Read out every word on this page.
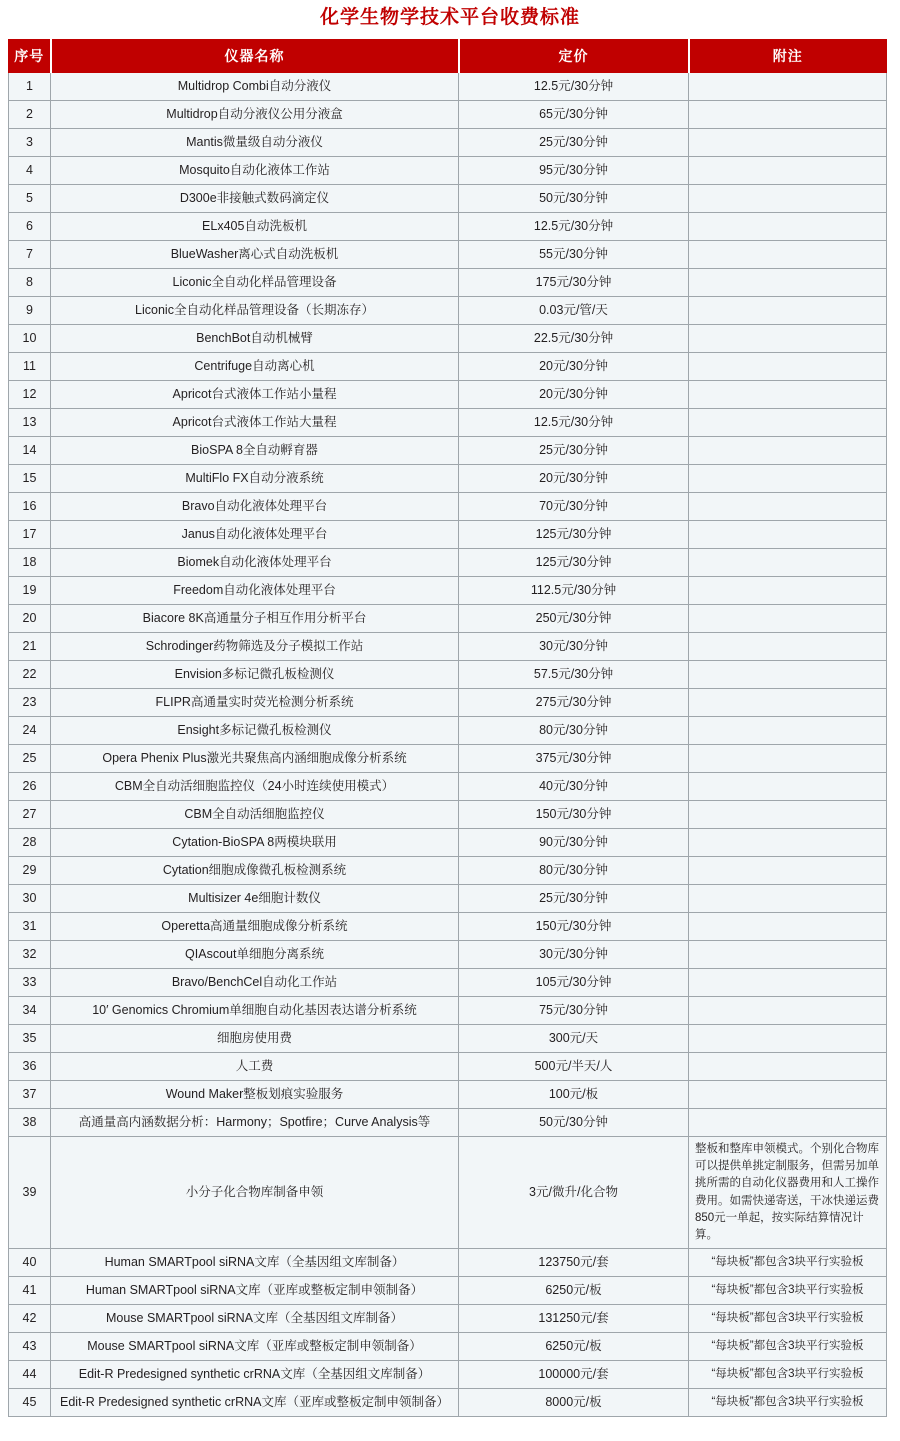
化学生物学技术平台收费标准
序号	仪器名称	定价	附注
1	Multidrop Combi自动分液仪	12.5元/30分钟	
2	Multidrop自动分液仪公用分液盒	65元/30分钟	
3	Mantis微量级自动分液仪	25元/30分钟	
4	Mosquito自动化液体工作站	95元/30分钟	
5	D300e非接触式数码滴定仪	50元/30分钟	
6	ELx405自动洗板机	12.5元/30分钟	
7	BlueWasher离心式自动洗板机	55元/30分钟	
8	Liconic全自动化样品管理设备	175元/30分钟	
9	Liconic全自动化样品管理设备（长期冻存）	0.03元/管/天	
10	BenchBot自动机械臂	22.5元/30分钟	
11	Centrifuge自动离心机	20元/30分钟	
12	Apricot台式液体工作站小量程	20元/30分钟	
13	Apricot台式液体工作站大量程	12.5元/30分钟	
14	BioSPA 8全自动孵育器	25元/30分钟	
15	MultiFlo FX自动分液系统	20元/30分钟	
16	Bravo自动化液体处理平台	70元/30分钟	
17	Janus自动化液体处理平台	125元/30分钟	
18	Biomek自动化液体处理平台	125元/30分钟	
19	Freedom自动化液体处理平台	112.5元/30分钟	
20	Biacore 8K高通量分子相互作用分析平台	250元/30分钟	
21	Schrodinger药物筛选及分子模拟工作站	30元/30分钟	
22	Envision多标记微孔板检测仪	57.5元/30分钟	
23	FLIPR高通量实时荧光检测分析系统	275元/30分钟	
24	Ensight多标记微孔板检测仪	80元/30分钟	
25	Opera Phenix Plus激光共聚焦高内涵细胞成像分析系统	375元/30分钟	
26	CBM全自动活细胞监控仪（24小时连续使用模式）	40元/30分钟	
27	CBM全自动活细胞监控仪	150元/30分钟	
28	Cytation-BioSPA 8两模块联用	90元/30分钟	
29	Cytation细胞成像微孔板检测系统	80元/30分钟	
30	Multisizer 4e细胞计数仪	25元/30分钟	
31	Operetta高通量细胞成像分析系统	150元/30分钟	
32	QIAscout单细胞分离系统	30元/30分钟	
33	Bravo/BenchCel自动化工作站	105元/30分钟	
34	10′ Genomics Chromium单细胞自动化基因表达谱分析系统	75元/30分钟	
35	细胞房使用费	300元/天	
36	人工费	500元/半天/人	
37	Wound Maker整板划痕实验服务	100元/板	
38	高通量高内涵数据分析：Harmony；Spotfire；Curve Analysis等	50元/30分钟	
39	小分子化合物库制备申领	3元/微升/化合物	整板和整库申领模式。个别化合物库可以提供单挑定制服务，但需另加单挑所需的自动化仪器费用和人工操作费用。如需快递寄送，干冰快递运费850元一单起，按实际结算情况计算。
40	Human SMARTpool siRNA文库（全基因组文库制备）	123750元/套	“每块板”都包含3块平行实验板
41	Human SMARTpool siRNA文库（亚库或整板定制申领制备）	6250元/板	“每块板”都包含3块平行实验板
42	Mouse SMARTpool siRNA文库（全基因组文库制备）	131250元/套	“每块板”都包含3块平行实验板
43	Mouse SMARTpool siRNA文库（亚库或整板定制申领制备）	6250元/板	“每块板”都包含3块平行实验板
44	Edit-R Predesigned synthetic crRNA文库（全基因组文库制备）	100000元/套	“每块板”都包含3块平行实验板
45	Edit-R Predesigned synthetic crRNA文库（亚库或整板定制申领制备）	8000元/板	“每块板”都包含3块平行实验板
